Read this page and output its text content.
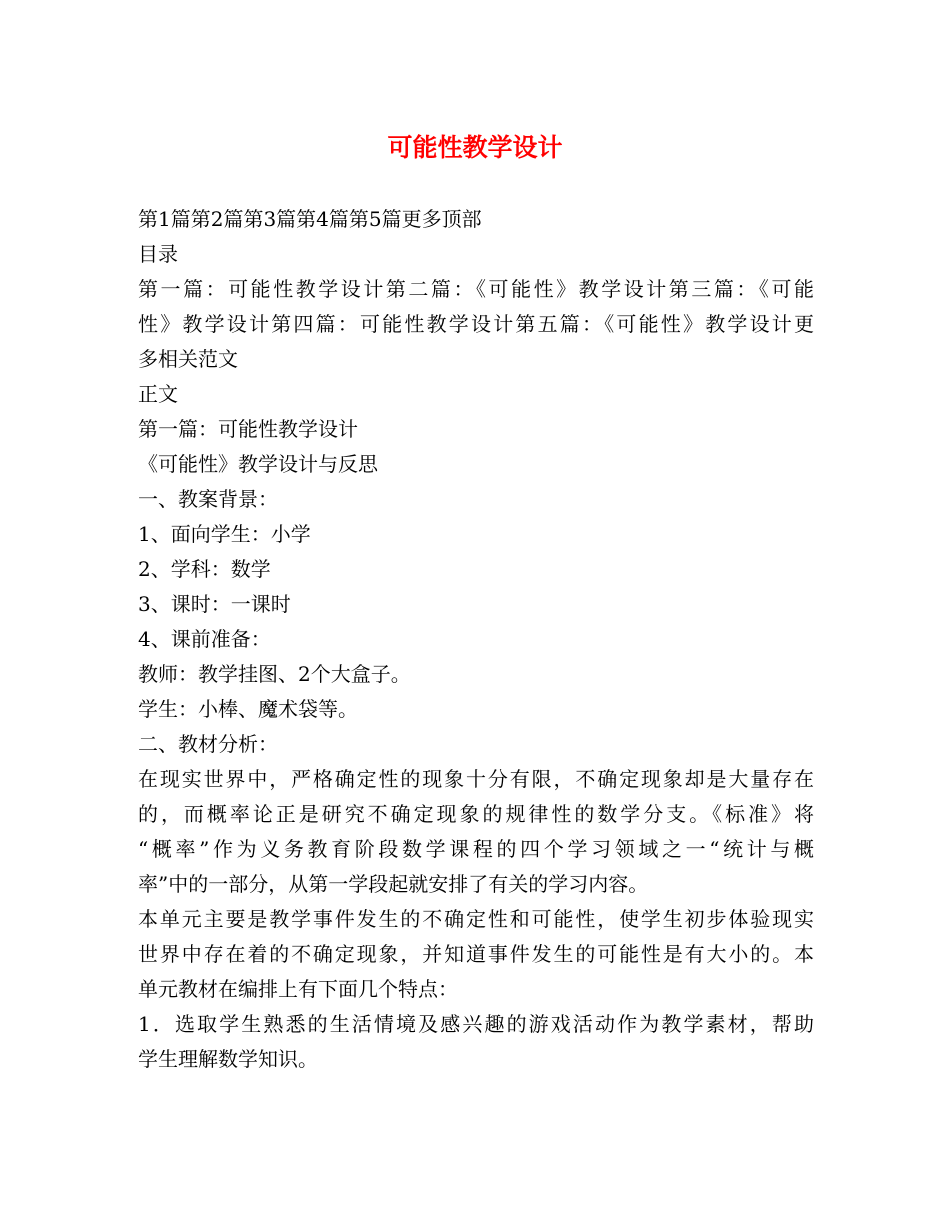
可能性教学设计
第1篇第2篇第3篇第4篇第5篇更多顶部
目录
第一篇：可能性教学设计第二篇：《可能性》教学设计第三篇：《可能
性》教学设计第四篇：可能性教学设计第五篇：《可能性》教学设计更
多相关范文
正文
第一篇：可能性教学设计
《可能性》教学设计与反思
一、教案背景：
1、面向学生：小学
2、学科：数学
3、课时：一课时
4、课前准备：
教师：教学挂图、2个大盒子。
学生：小棒、魔术袋等。
二、教材分析：
在现实世界中，严格确定性的现象十分有限，不确定现象却是大量存在
的，而概率论正是研究不确定现象的规律性的数学分支。《标准》将
“概率”作为义务教育阶段数学课程的四个学习领域之一“统计与概
率”中的一部分，从第一学段起就安排了有关的学习内容。
本单元主要是教学事件发生的不确定性和可能性，使学生初步体验现实
世界中存在着的不确定现象，并知道事件发生的可能性是有大小的。本
单元教材在编排上有下面几个特点：
1．选取学生熟悉的生活情境及感兴趣的游戏活动作为教学素材，帮助
学生理解数学知识。
